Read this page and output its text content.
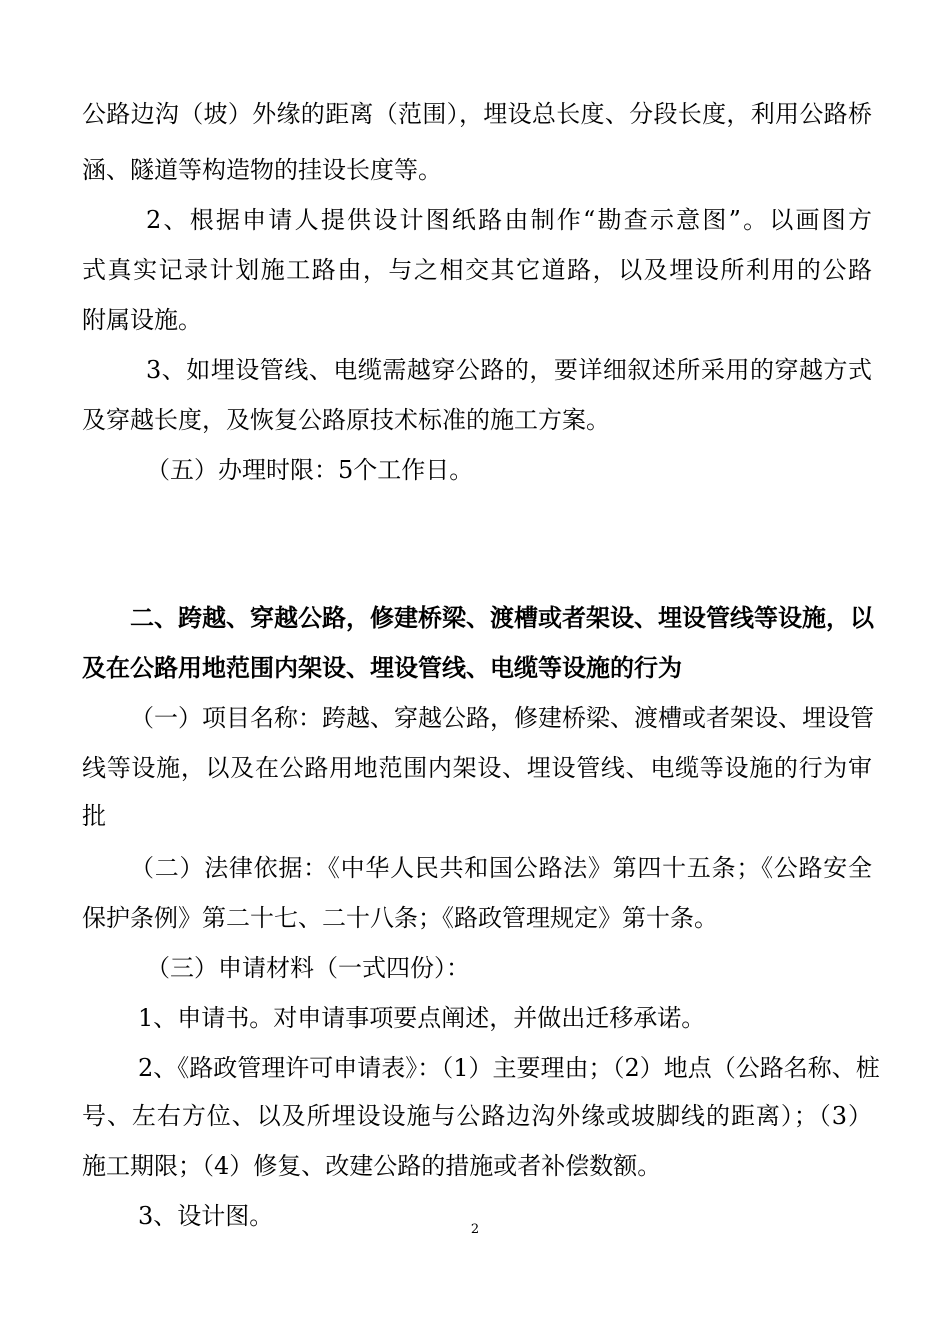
公路边沟（坡）外缘的距离（范围），埋设总长度、分段长度，利用公路桥
涵、隧道等构造物的挂设长度等。
2、根据申请人提供设计图纸路由制作“勘查示意图”。以画图方
式真实记录计划施工路由，与之相交其它道路，以及埋设所利用的公路
附属设施。
3、如埋设管线、电缆需越穿公路的，要详细叙述所采用的穿越方式
及穿越长度，及恢复公路原技术标准的施工方案。
（五）办理时限：5个工作日。
二、跨越、穿越公路，修建桥梁、渡槽或者架设、埋设管线等设施，以
及在公路用地范围内架设、埋设管线、电缆等设施的行为
（一）项目名称：跨越、穿越公路，修建桥梁、渡槽或者架设、埋设管
线等设施，以及在公路用地范围内架设、埋设管线、电缆等设施的行为审
批
（二）法律依据：《中华人民共和国公路法》第四十五条；《公路安全
保护条例》第二十七、二十八条；《路政管理规定》第十条。
（三）申请材料（一式四份）：
1、申请书。对申请事项要点阐述，并做出迁移承诺。
2、《路政管理许可申请表》：（1）主要理由；（2）地点（公路名称、桩
号、左右方位、以及所埋设设施与公路边沟外缘或坡脚线的距离）；（3）
施工期限；（4）修复、改建公路的措施或者补偿数额。
3、设计图。	2
